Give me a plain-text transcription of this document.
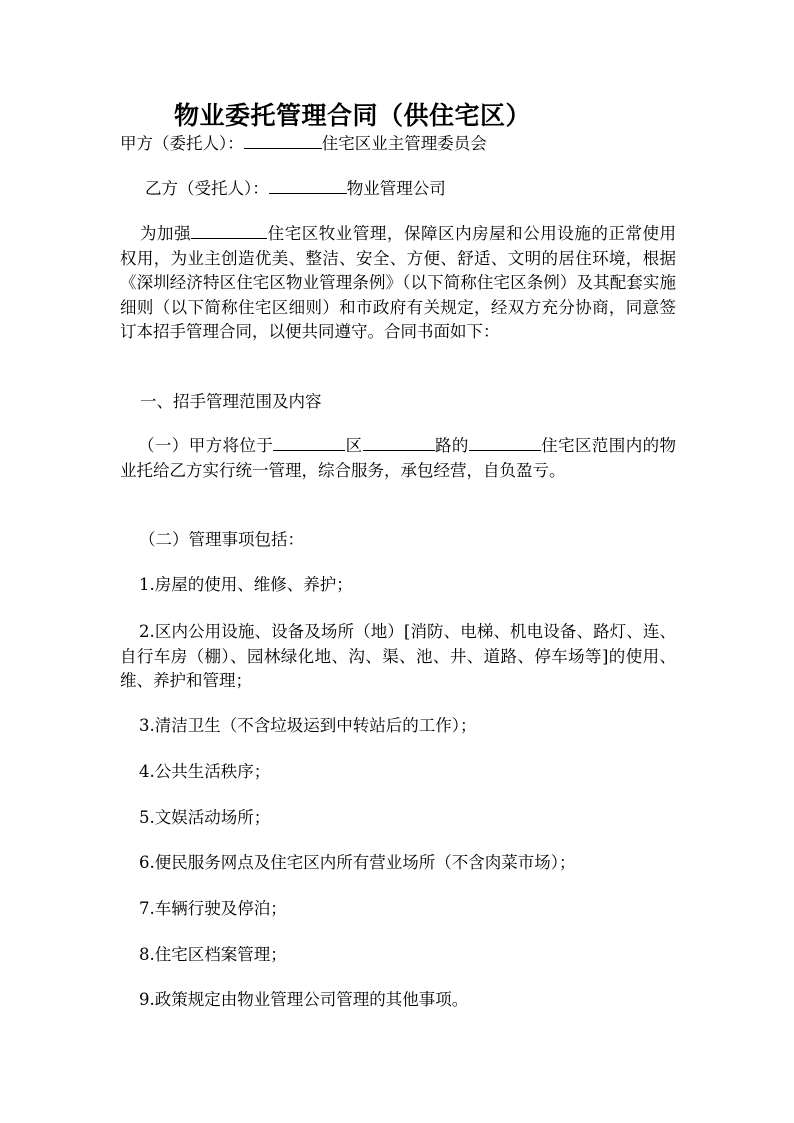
物业委托管理合同（供住宅区）

甲方（委托人）：	住宅区业主管理委员会

乙方（受托人）：	物业管理公司

为加强	住宅区牧业管理，保障区内房屋和公用设施的正常使用权用，为业主创造优美、整洁、安全、方便、舒适、文明的居住环境，根据《深圳经济特区住宅区物业管理条例》（以下简称住宅区条例）及其配套实施细则（以下简称住宅区细则）和市政府有关规定，经双方充分协商，同意签订本招手管理合同，以便共同遵守。合同书面如下：

一、招手管理范围及内容

（一）甲方将位于	区	路的	住宅区范围内的物业托给乙方实行统一管理，综合服务，承包经营，自负盈亏。

（二）管理事项包括：

1.房屋的使用、维修、养护；

2.区内公用设施、设备及场所（地）[消防、电梯、机电设备、路灯、连、自行车房（棚）、园林绿化地、沟、渠、池、井、道路、停车场等]的使用、维、养护和管理；

3.清洁卫生（不含垃圾运到中转站后的工作）；

4.公共生活秩序；

5.文娱活动场所；

6.便民服务网点及住宅区内所有营业场所（不含肉菜市场）；

7.车辆行驶及停泊；

8.住宅区档案管理；

9.政策规定由物业管理公司管理的其他事项。
